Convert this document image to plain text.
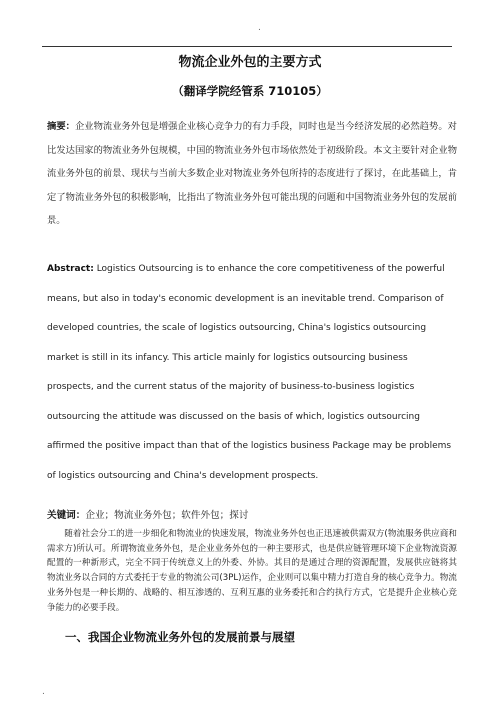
.
物流企业外包的主要方式
（翻译学院经管系 710105）

摘要：企业物流业务外包是增强企业核心竞争力的有力手段，同时也是当今经济发展的必然趋势。对比发达国家的物流业务外包规模，中国的物流业务外包市场依然处于初级阶段。本文主要针对企业物流业务外包的前景、现状与当前大多数企业对物流业务外包所持的态度进行了探讨，在此基础上，肯定了物流业务外包的积极影响，比指出了物流业务外包可能出现的问题和中国物流业务外包的发展前景。

Abstract: Logistics Outsourcing is to enhance the core competitiveness of the powerful means, but also in today's economic development is an inevitable trend. Comparison of developed countries, the scale of logistics outsourcing, China's logistics outsourcing market is still in its infancy. This article mainly for logistics outsourcing business prospects, and the current status of the majority of business-to-business logistics outsourcing the attitude was discussed on the basis of which, logistics outsourcing affirmed the positive impact than that of the logistics business Package may be problems of logistics outsourcing and China's development prospects.

关键词：企业；物流业务外包；软件外包；探讨

随着社会分工的进一步细化和物流业的快速发展，物流业务外包也正迅速被供需双方(物流服务供应商和需求方)所认可。所谓物流业务外包，是企业业务外包的一种主要形式，也是供应链管理环境下企业物流资源配置的一种新形式，完全不同于传统意义上的外委、外协。其目的是通过合理的资源配置，发展供应链将其物流业务以合同的方式委托于专业的物流公司(3PL)运作，企业则可以集中精力打造自身的核心竞争力。物流业务外包是一种长期的、战略的、相互渗透的、互利互惠的业务委托和合约执行方式，它是提升企业核心竞争能力的必要手段。

一、我国企业物流业务外包的发展前景与展望
.
